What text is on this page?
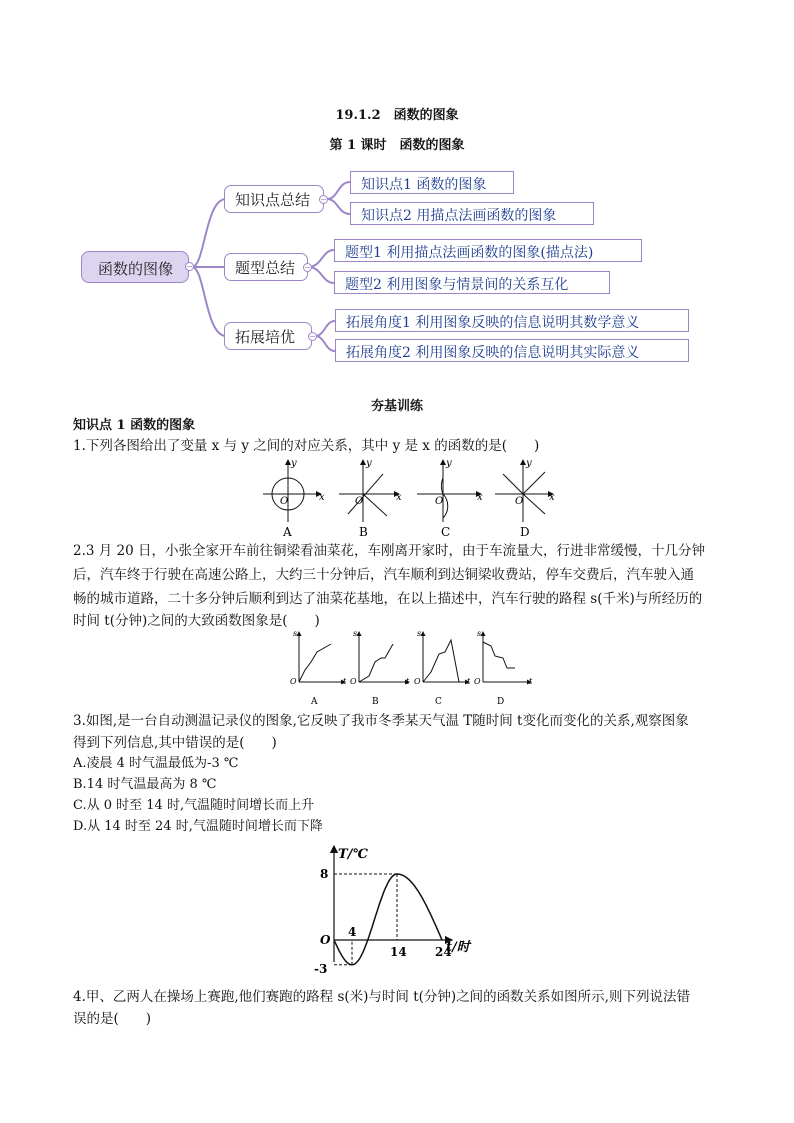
19.1.2　函数的图象
第 1 课时　函数的图象
函数的图像	−
知识点总结	−
题型总结	−
拓展培优	−
知识点1 函数的图象
知识点2 用描点法画函数的图象
题型1 利用描点法画函数的图象(描点法)
题型2 利用图象与情景间的关系互化
拓展角度1 利用图象反映的信息说明其数学意义
拓展角度2 利用图象反映的信息说明其实际意义
夯基训练
知识点 1 函数的图象
1.下列各图给出了变量 x 与 y 之间的对应关系，其中 y 是 x 的函数的是(　　)
O	x
y
A
O	x
y
B
O	x
y
C
O	x
y
D
2.3 月 20 日，小张全家开车前往铜梁看油菜花，车刚离开家时，由于车流量大，行进非常缓慢，十几分钟
后，汽车终于行驶在高速公路上，大约三十分钟后，汽车顺利到达铜梁收费站，停车交费后，汽车驶入通
畅的城市道路，二十多分钟后顺利到达了油菜花基地，在以上描述中，汽车行驶的路程 s(千米)与所经历的
时间 t(分钟)之间的大致函数图象是(　　)
s
O	t
A
s
O	t
B
s
O	t
C
s
O	t
D
3.如图,是一台自动测温记录仪的图象,它反映了我市冬季某天气温 T随时间 t变化而变化的关系,观察图象
得到下列信息,其中错误的是(　　)
A.凌晨 4 时气温最低为-3 ℃
B.14 时气温最高为 8 ℃
C.从 0 时至 14 时,气温随时间增长而上升
D.从 14 时至 24 时,气温随时间增长而下降
4
14 24
8
-3
T/℃
t/时
O
4.甲、乙两人在操场上赛跑,他们赛跑的路程 s(米)与时间 t(分钟)之间的函数关系如图所示,则下列说法错
误的是(　　)
